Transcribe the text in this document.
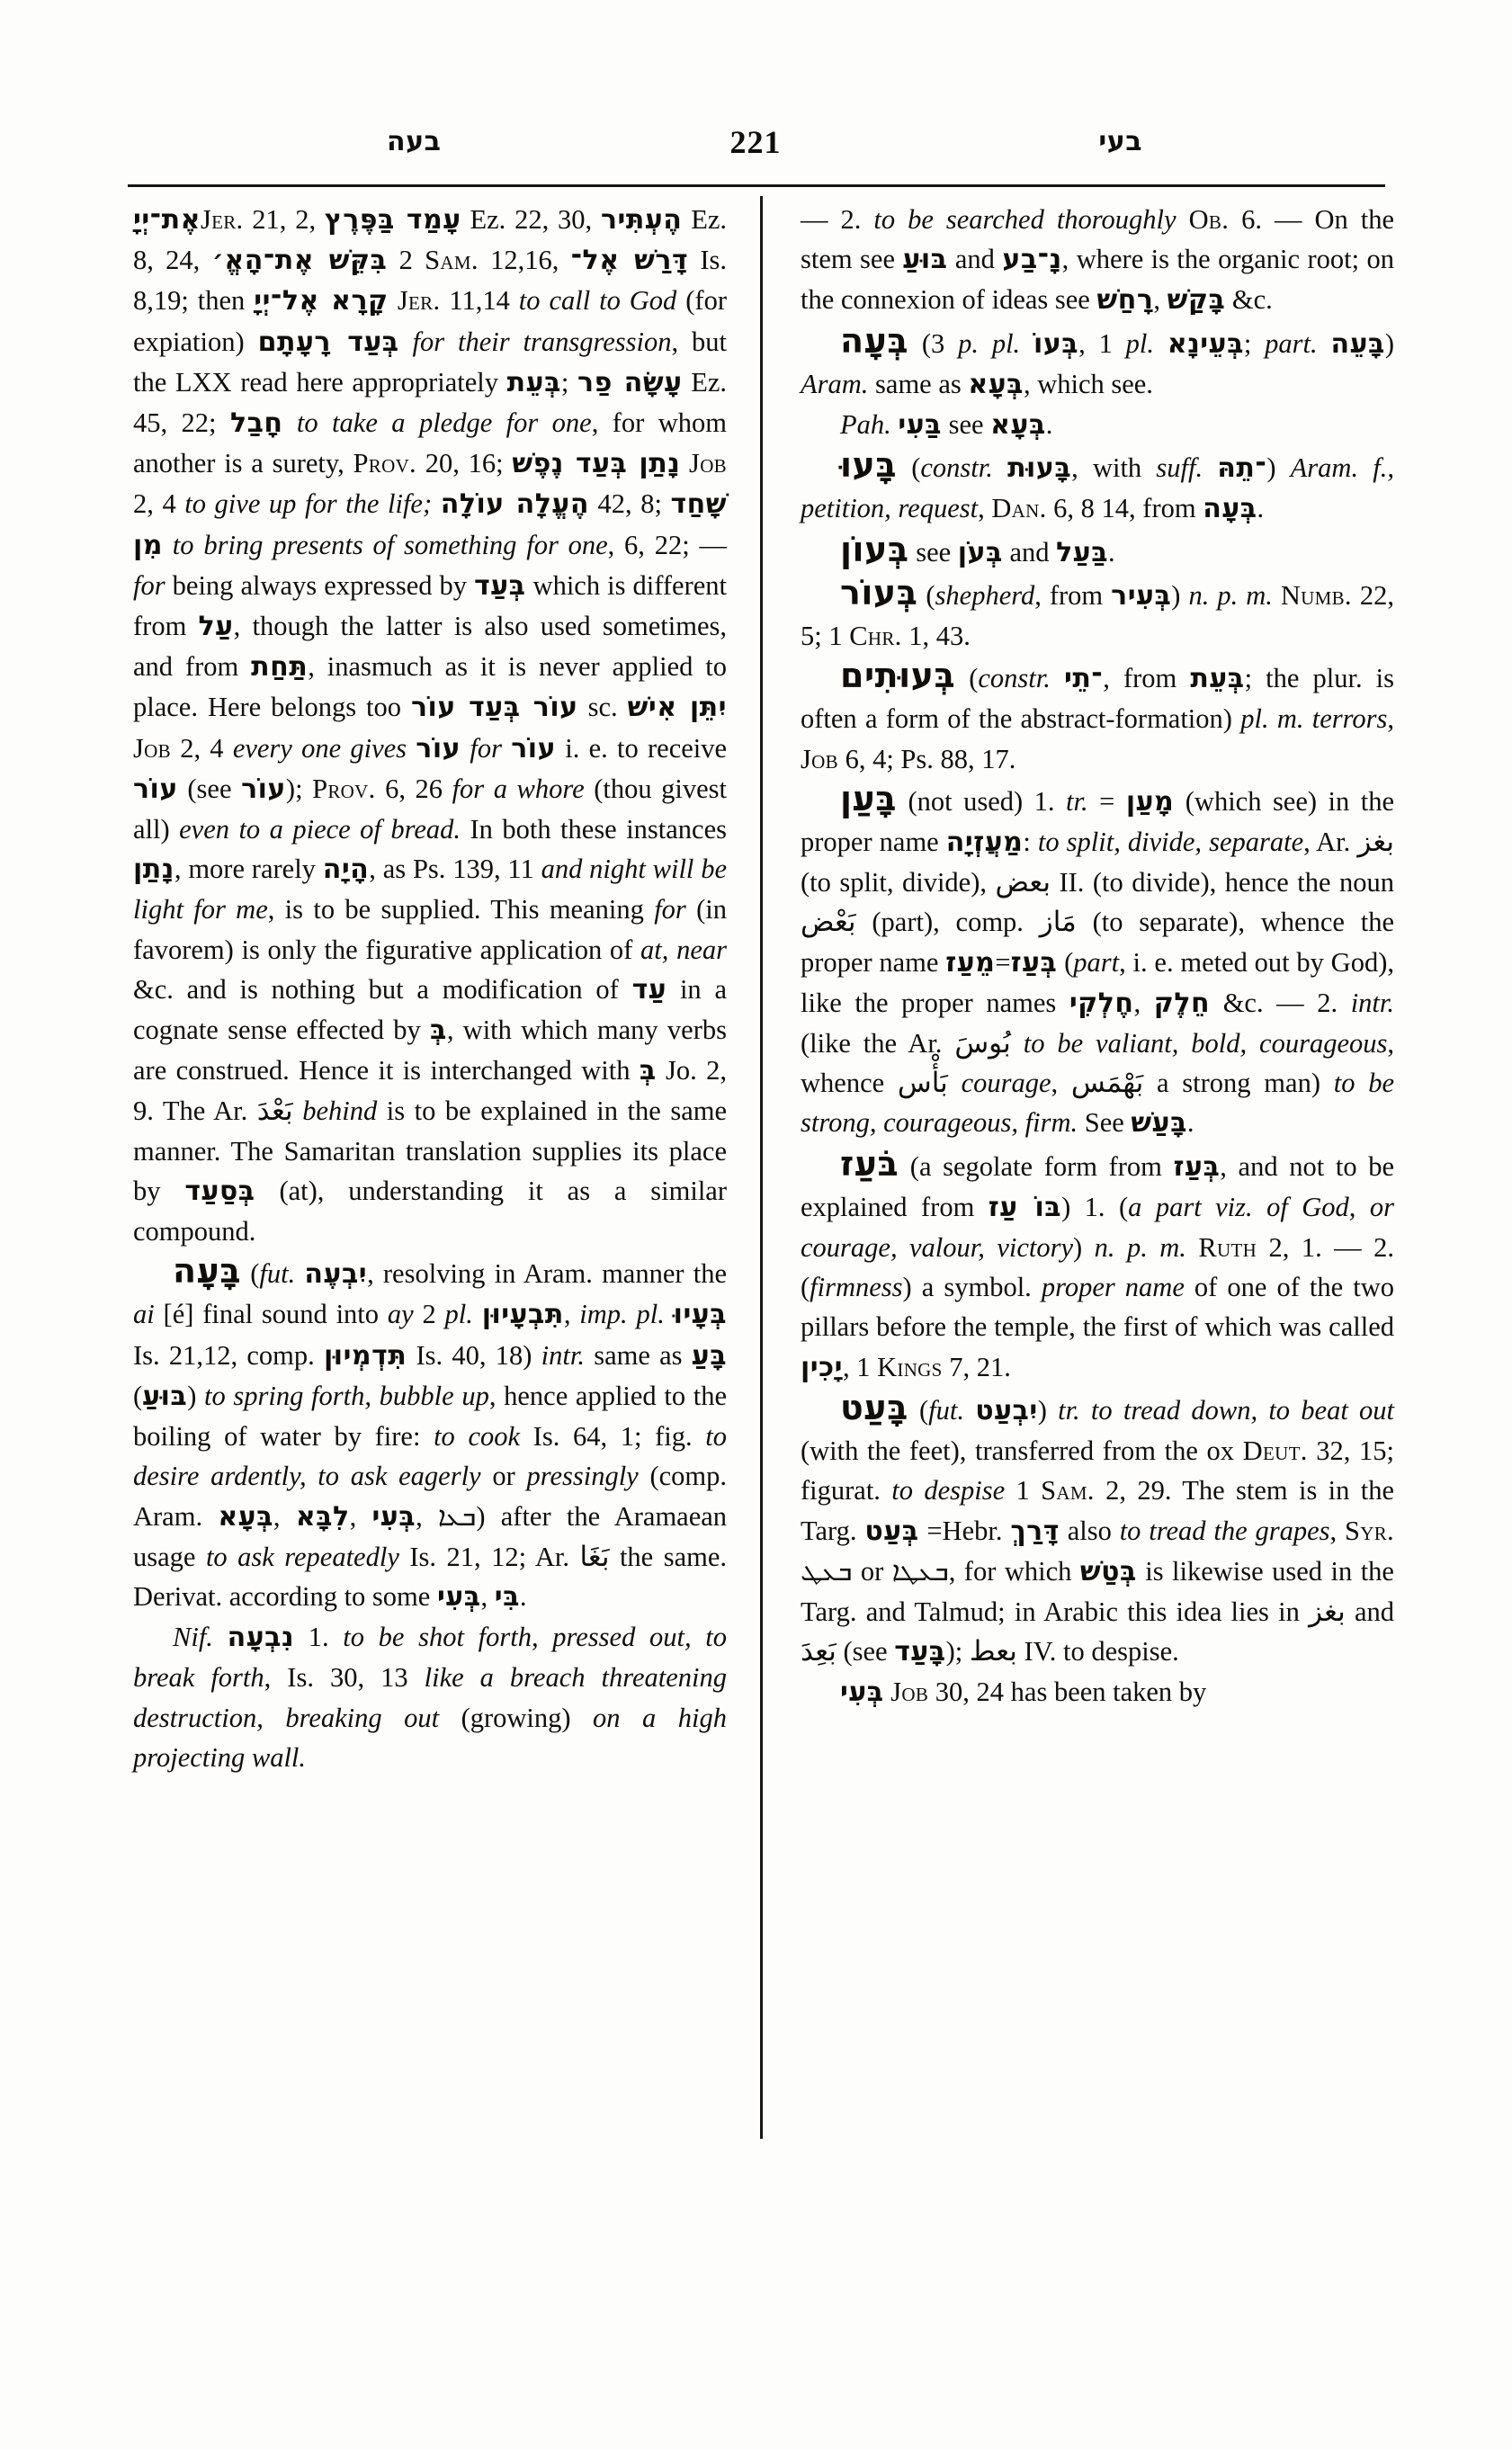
בעה	221	בעי

אֶת־יְיָJer. 21, 2, עָמַד בַּפֶּרֶץ Ez. 22, 30, הֶעְתִּיר Ez. 8, 24, בִּקֵּשׁ אֶת־הָאֱ׳ 2 Sam. 12,16, דָּרַשׁ אֶל־ Is. 8,19; then קָרָא אֶל־יְיָ Jer. 11,14 to call to God (for expiation) בְּעַד רָעָתָם for their transgression, but the LXX read here appropriately בְּעֵת; עָשָׂה פַר Ez. 45, 22; חָבַל to take a pledge for one, for whom another is a surety, Prov. 20, 16; נָתַן בְּעַד נֶפֶשׁ Job 2, 4 to give up for the life; הֶעֱלָה עוֹלָה 42, 8; שָׁחַד מִן to bring presents of something for one, 6, 22; — for being always expressed by בְּעַד which is different from עַל, though the latter is also used sometimes, and from תַּחַת, inasmuch as it is never applied to place. Here belongs too עוֹר בְּעַד עוֹר sc. יִתֵּן אִישׁ Job 2, 4 every one gives עוֹר for עוֹר i. e. to receive עוֹר (see עוֹר); Prov. 6, 26 for a whore (thou givest all) even to a piece of bread. In both these instances נָתַן, more rarely הָיָה, as Ps. 139, 11 and night will be light for me, is to be supplied. This meaning for (in favorem) is only the figurative application of at, near &c. and is nothing but a modification of עַד in a cognate sense effected by בְּ, with which many verbs are construed. Hence it is interchanged with בְּ Jo. 2, 9. The Ar. بَعْدَ behind is to be explained in the same manner. The Samaritan translation supplies its place by בְּסַעַד (at), understanding it as a similar compound.

בָּעָה (fut. יִבְעֶה, resolving in Aram. manner the ai [é] final sound into ay 2 pl. תִּבְעָיוּן, imp. pl. בְּעָיוּ Is. 21,12, comp. תִּדְמְיוּן Is. 40, 18) intr. same as בָּעַ (בּוּעַ) to spring forth, bubble up, hence applied to the boiling of water by fire: to cook Is. 64, 1; fig. to desire ardently, to ask eagerly or pressingly (comp. Aram. בְּעָא, לִבָּא, בְּעִי, ܒܥܐ) after the Aramaean usage to ask repeatedly Is. 21, 12; Ar. بَغَا the same. Derivat. according to some בְּעִי, בִּי.

Nif. נִבְעָה 1. to be shot forth, pressed out, to break forth, Is. 30, 13 like a breach threatening destruction, breaking out (growing) on a high projecting wall.

— 2. to be searched thoroughly Ob. 6. — On the stem see בּוּעַ and נָ־בַע, where is the organic root; on the connexion of ideas see רָחַשׁ, בָּקַשׁ &c.

בְּעָה (3 p. pl. בְּעוֹ, 1 pl. בְּעֵינָא; part. בָּעֵה) Aram. same as בְּעָא, which see.

Pah. בַּעִי see בְּעָא.

בָּעוּ (constr. בָּעוּת, with suff. ־תֵהּ) Aram. f., petition, request, Dan. 6, 8 14, from בְּעָה.

בְּעוֹן see בְּעֹן and בַּעַל.

בְּעוֹר (shepherd, from בְּעִיר) n. p. m. Numb. 22, 5; 1 Chr. 1, 43.

בְּעוּתִים (constr. ־תֵי, from בְּעֵת; the plur. is often a form of the abstract-formation) pl. m. terrors, Job 6, 4; Ps. 88, 17.

בָּעַן (not used) 1. tr. = מָעַן (which see) in the proper name מַעֲזְיָה: to split, divide, separate, Ar. بغز (to split, divide), بعض II. (to divide), hence the noun بَعْض (part), comp. مَاز (to separate), whence the proper name מֵעַז=בְּעַז (part, i. e. meted out by God), like the proper names חֶלְקִי, חֵלֶק &c. — 2. intr. (like the Ar. بُوسَ to be valiant, bold, courageous, whence بَأْس courage, بَهْمَس a strong man) to be strong, courageous, firm. See בָּעַשׁ.

בֹּעַז (a segolate form from בְּעַז, and not to be explained from בּוֹ עַז) 1. (a part viz. of God, or courage, valour, victory) n. p. m. Ruth 2, 1. — 2. (firmness) a symbol. proper name of one of the two pillars before the temple, the first of which was called יָכִין, 1 Kings 7, 21.

בָּעַט (fut. יִבְעַט) tr. to tread down, to beat out (with the feet), transferred from the ox Deut. 32, 15; figurat. to despise 1 Sam. 2, 29. The stem is in the Targ. בְּעַט =Hebr. דָּרַךְ also to tread the grapes, Syr. ܒܥܛ or ܒܥܛܐ, for which בְּטַשׁ is likewise used in the Targ. and Talmud; in Arabic this idea lies in بغز and بَعِدَ (see בָּעַד); بعط IV. to despise.

בְּעִי Job 30, 24 has been taken by
